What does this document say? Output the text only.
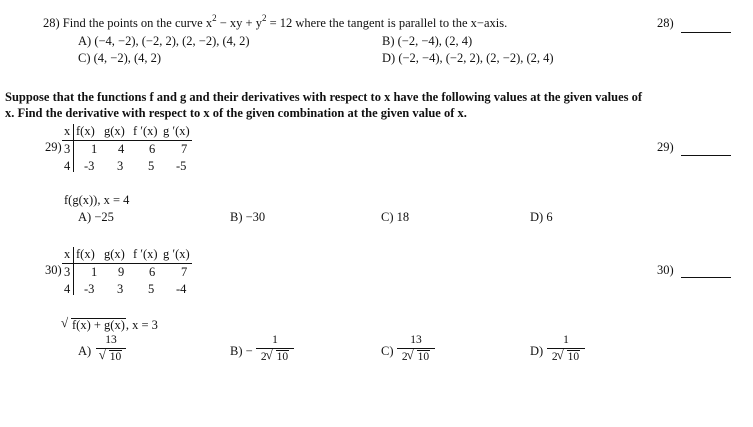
28) Find the points on the curve $x^2$ − xy + $y^2 = 12$ where the tangent is parallel to the x−axis.
A) (−4, −2), (−2, 2), (2, −2), (4, 2)	B) (−2, −4), (2, 4)
C) (4, −2), (4, 2)	D) (−2, −4), (−2, 2), (2, −2), (2, 4)
28)
Suppose that the functions f and g and their derivatives with respect to x have the following values at the given values of
x. Find the derivative with respect to x of the given combination at the given value of x.
29)
x f(x) g(x) f ′(x) g ′(x)
3 1 4 6 7
4 -3 3 5 -5
f(g(x)), x = 4
A) −25	B) −30	C) 18	D) 6
29)
30)
x f(x) g(x) f ′(x) g ′(x)
3 1 9 6 7
4 -3 3 5 -4
√ f(x) + g(x), x = 3
A) 13
√ 10	$B) - \frac{1}{2 √ 10}$	$C) \frac{13}{2 √ 10}$	$D) \frac{1}{2 √ 10}$
30)
